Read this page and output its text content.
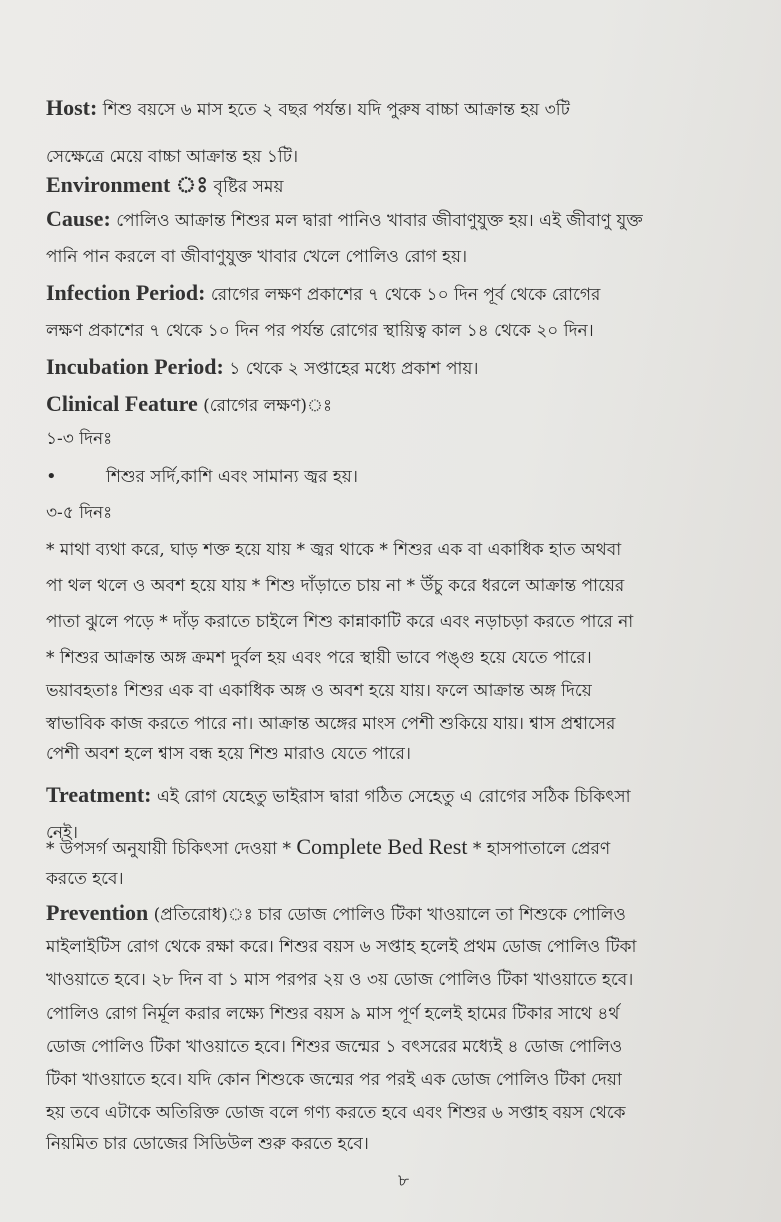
Host: শিশু বয়সে ৬ মাস হতে ২ বছর পর্যন্ত। যদি পুরুষ বাচ্চা আক্রান্ত হয় ৩টি
সেক্ষেত্রে মেয়ে বাচ্চা আক্রান্ত হয় ১টি।
Environment ঃ বৃষ্টির সময়
Cause: পোলিও আক্রান্ত শিশুর মল দ্বারা পানিও খাবার জীবাণুযুক্ত হয়। এই জীবাণু যুক্ত
পানি পান করলে বা জীবাণুযুক্ত খাবার খেলে পোলিও রোগ হয়।
Infection Period: রোগের লক্ষণ প্রকাশের ৭ থেকে ১০ দিন পূর্ব থেকে রোগের
লক্ষণ প্রকাশের ৭ থেকে ১০ দিন পর পর্যন্ত রোগের স্থায়িত্ব কাল ১৪ থেকে ২০ দিন।
Incubation Period: ১ থেকে ২ সপ্তাহের মধ্যে প্রকাশ পায়।
Clinical Feature (রোগের লক্ষণ)ঃ
১-৩ দিনঃ
•	শিশুর সর্দি,কাশি এবং সামান্য জ্বর হয়।
৩-৫ দিনঃ
* মাথা ব্যথা করে, ঘাড় শক্ত হয়ে যায় * জ্বর থাকে * শিশুর এক বা একাধিক হাত অথবা
পা থল থলে ও অবশ হয়ে যায় * শিশু দাঁড়াতে চায় না * উঁচু করে ধরলে আক্রান্ত পায়ের
পাতা ঝুলে পড়ে * দাঁড় করাতে চাইলে শিশু কান্নাকাটি করে এবং নড়াচড়া করতে পারে না
* শিশুর আক্রান্ত অঙ্গ ক্রমশ দুর্বল হয় এবং পরে স্থায়ী ভাবে পঙ্গু হয়ে যেতে পারে।
ভয়াবহতাঃ শিশুর এক বা একাধিক অঙ্গ ও অবশ হয়ে যায়। ফলে আক্রান্ত অঙ্গ দিয়ে
স্বাভাবিক কাজ করতে পারে না। আক্রান্ত অঙ্গের মাংস পেশী শুকিয়ে যায়। শ্বাস প্রশ্বাসের
পেশী অবশ হলে শ্বাস বন্ধ হয়ে শিশু মারাও যেতে পারে।
Treatment: এই রোগ যেহেতু ভাইরাস দ্বারা গঠিত সেহেতু এ রোগের সঠিক চিকিৎসা
নেই।
* উপসর্গ অনুযায়ী চিকিৎসা দেওয়া * Complete Bed Rest * হাসপাতালে প্রেরণ
করতে হবে।
Prevention (প্রতিরোধ)ঃ চার ডোজ পোলিও টিকা খাওয়ালে তা শিশুকে পোলিও
মাইলাইটিস রোগ থেকে রক্ষা করে। শিশুর বয়স ৬ সপ্তাহ হলেই প্রথম ডোজ পোলিও টিকা
খাওয়াতে হবে। ২৮ দিন বা ১ মাস পরপর ২য় ও ৩য় ডোজ পোলিও টিকা খাওয়াতে হবে।
পোলিও রোগ নির্মূল করার লক্ষ্যে শিশুর বয়স ৯ মাস পূর্ণ হলেই হামের টিকার সাথে ৪র্থ
ডোজ পোলিও টিকা খাওয়াতে হবে। শিশুর জন্মের ১ বৎসরের মধ্যেই ৪ ডোজ পোলিও
টিকা খাওয়াতে হবে। যদি কোন শিশুকে জন্মের পর পরই এক ডোজ পোলিও টিকা দেয়া
হয় তবে এটাকে অতিরিক্ত ডোজ বলে গণ্য করতে হবে এবং শিশুর ৬ সপ্তাহ বয়স থেকে
নিয়মিত চার ডোজের সিডিউল শুরু করতে হবে।
৮
